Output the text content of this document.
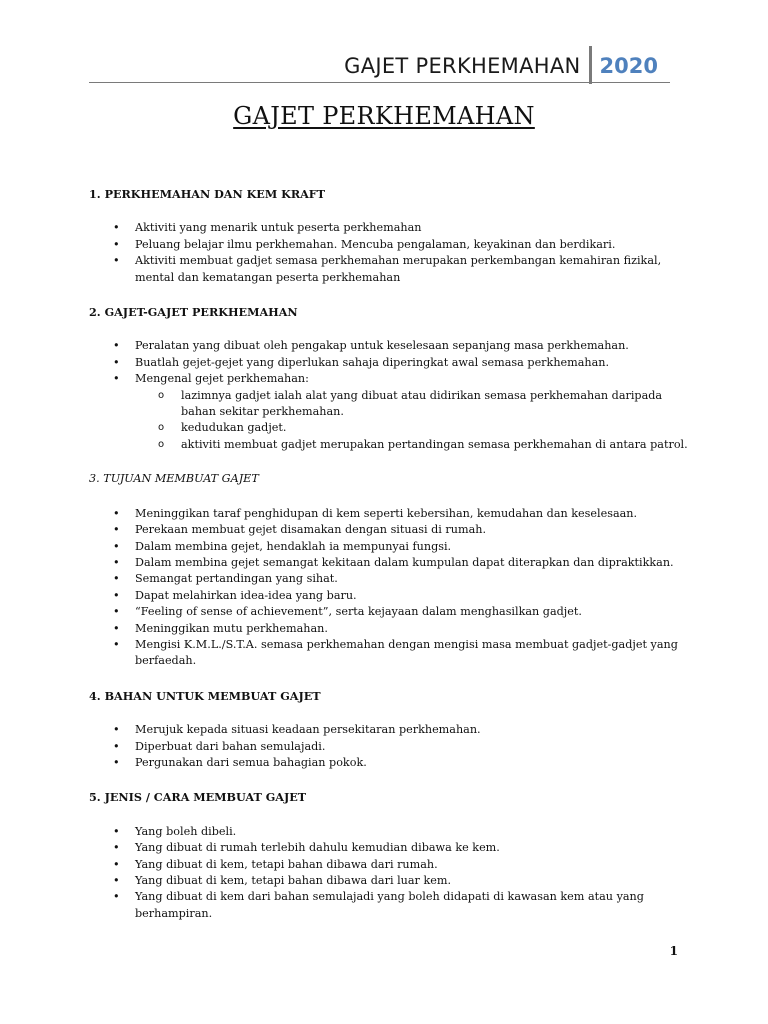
GAJET PERKHEMAHAN 2020
GAJET PERKHEMAHAN
1. PERKHEMAHAN DAN KEM KRAFT
• Aktiviti yang menarik untuk peserta perkhemahan
• Peluang belajar ilmu perkhemahan. Mencuba pengalaman, keyakinan dan berdikari.
• Aktiviti membuat gadjet semasa perkhemahan merupakan perkembangan kemahiran fizikal, mental dan kematangan peserta perkhemahan
2. GAJET-GAJET PERKHEMAHAN
• Peralatan yang dibuat oleh pengakap untuk keselesaan sepanjang masa perkhemahan.
• Buatlah gejet-gejet yang diperlukan sahaja diperingkat awal semasa perkhemahan.
• Mengenal gejet perkhemahan:
o lazimnya gadjet ialah alat yang dibuat atau didirikan semasa perkhemahan daripada bahan sekitar perkhemahan.
o kedudukan gadjet.
o aktiviti membuat gadjet merupakan pertandingan semasa perkhemahan di antara patrol.
3. TUJUAN MEMBUAT GAJET
• Meninggikan taraf penghidupan di kem seperti kebersihan, kemudahan dan keselesaan.
• Perekaan membuat gejet disamakan dengan situasi di rumah.
• Dalam membina gejet, hendaklah ia mempunyai fungsi.
• Dalam membina gejet semangat kekitaan dalam kumpulan dapat diterapkan dan dipraktikkan.
• Semangat pertandingan yang sihat.
• Dapat melahirkan idea-idea yang baru.
• “Feeling of sense of achievement”, serta kejayaan dalam menghasilkan gadjet.
• Meninggikan mutu perkhemahan.
• Mengisi K.M.L./S.T.A. semasa perkhemahan dengan mengisi masa membuat gadjet-gadjet yang berfaedah.
4. BAHAN UNTUK MEMBUAT GAJET
• Merujuk kepada situasi keadaan persekitaran perkhemahan.
• Diperbuat dari bahan semulajadi.
• Pergunakan dari semua bahagian pokok.
5. JENIS / CARA MEMBUAT GAJET
• Yang boleh dibeli.
• Yang dibuat di rumah terlebih dahulu kemudian dibawa ke kem.
• Yang dibuat di kem, tetapi bahan dibawa dari rumah.
• Yang dibuat di kem, tetapi bahan dibawa dari luar kem.
• Yang dibuat di kem dari bahan semulajadi yang boleh didapati di kawasan kem atau yang berhampiran.
1
